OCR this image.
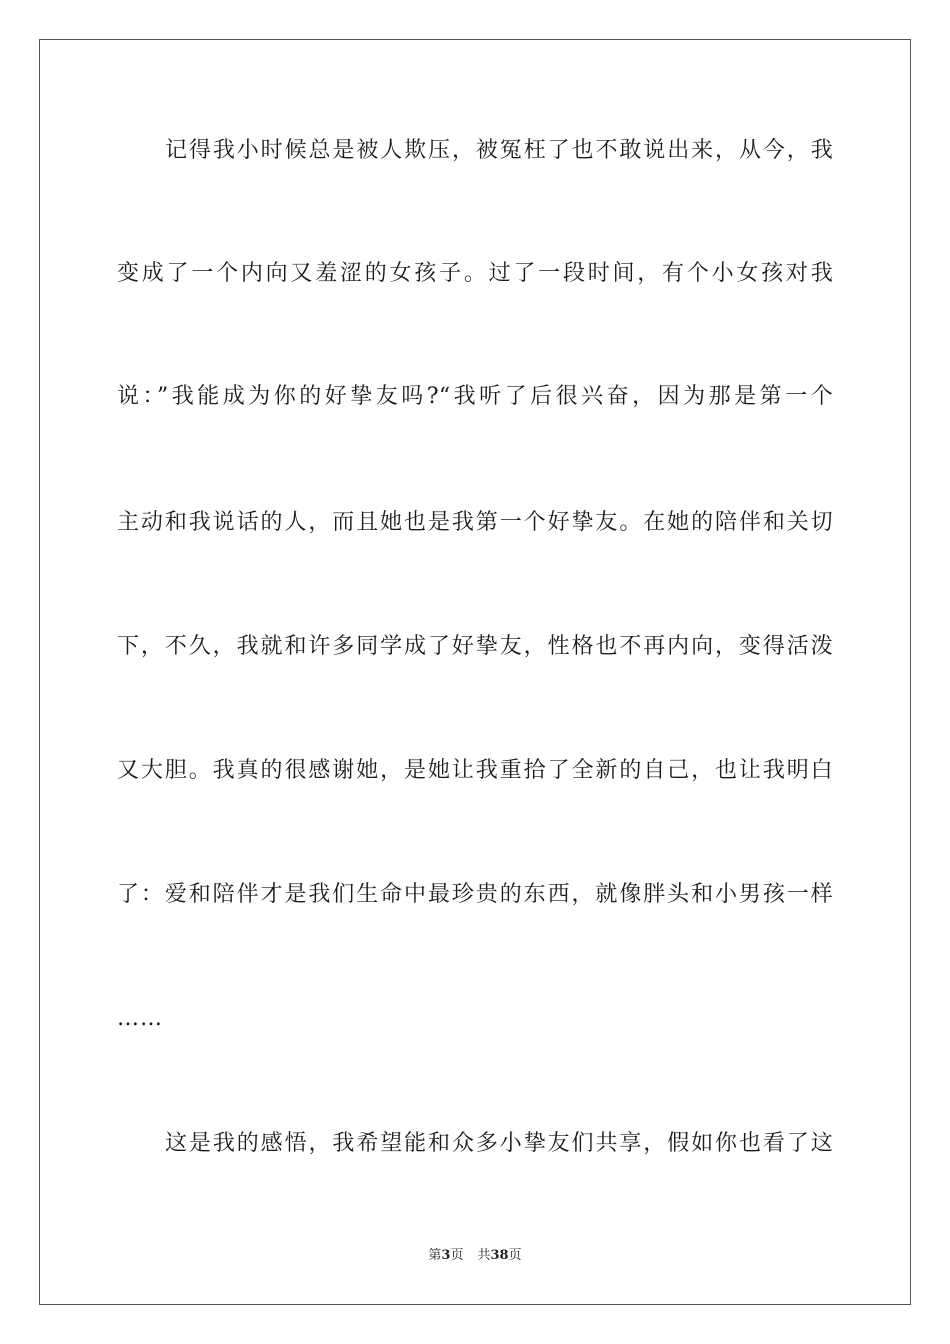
记得我小时候总是被人欺压，被冤枉了也不敢说出来，从今，我
变成了一个内向又羞涩的女孩子。过了一段时间，有个小女孩对我
说：”我能成为你的好挚友吗?“我听了后很兴奋，因为那是第一个
主动和我说话的人，而且她也是我第一个好挚友。在她的陪伴和关切
下，不久，我就和许多同学成了好挚友，性格也不再内向，变得活泼
又大胆。我真的很感谢她，是她让我重拾了全新的自己，也让我明白
了：爱和陪伴才是我们生命中最珍贵的东西，就像胖头和小男孩一样
……
这是我的感悟，我希望能和众多小挚友们共享，假如你也看了这
第3页 共38页
